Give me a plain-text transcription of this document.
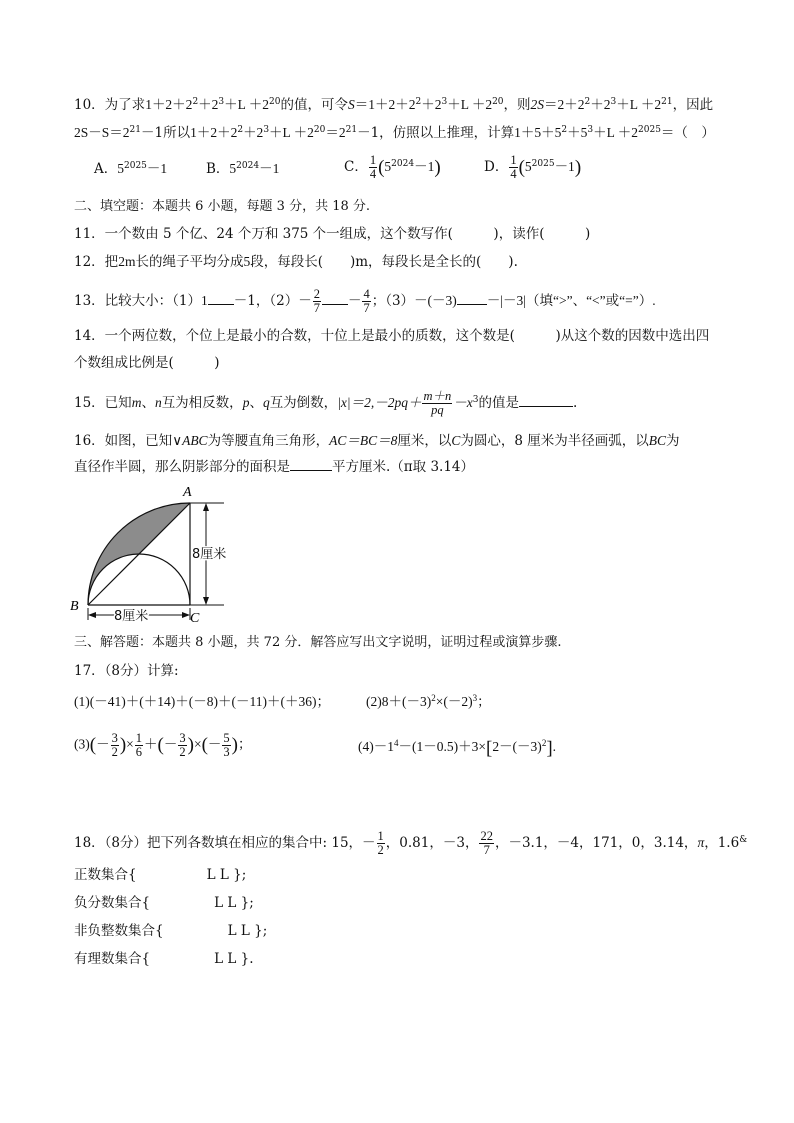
10．为了求$1+2+2^2+2^3+L +2^{20}$的值，可令$S=1+2+2^2+2^3+L +2^{20}$，则$2S=2+2^2+2^3+L +2^{21}$，因此
$2S-S=2^{21}-1$所以$1+2+2^2+2^3+L +2^{20}=2^{21}-1$，仿照以上推理，计算$1+5+5^2+5^3+L +2^{2025}=$（　）
A．$5^{2025}-1$	B．$5^{2024}-1$	C． $\frac{1}{4} (5^{2024}-1)$	D． $\frac{1}{4} (5^{2025}-1)$
二、填空题：本题共 6 小题，每题 3 分，共 18 分.
11．一个数由 5 个亿、24 个万和 375 个一组成，这个数写作(　　　)，读作(　　　)
12．把2m长的绳子平均分成5段，每段长(　　)m，每段长是全长的(　　).
13．比较大小：（1）1 －1，$(2)- \frac{2}{7} - \frac{4}{7}$ ；（3）－(－3) －|－3|（填“>”、“<”或“=”）.
14．一个两位数，个位上是最小的合数，十位上是最小的质数，这个数是(　　　)从这个数的因数中选出四
个数组成比例是(　　　)
15．已知m、n互为相反数，p、q互为倒数，$|x|=2,-2pq+ \frac{m+n}{pq} -x^3$的值是	.
16．如图，已知∨ABC为等腰直角三角形，AC＝BC＝8厘米，以C为圆心，8 厘米为半径画弧，以BC为
直径作半圆，那么阴影部分的面积是	平方厘米.（π取 3.14）
A
B
C
8厘米
8厘米
三、解答题：本题共 8 小题，共 72 分．解答应写出文字说明，证明过程或演算步骤.
17．（8分）计算:
(1)(－41)＋(＋14)＋(－8)＋(－11)＋(＋36)；	$(2)8+(-3)^2\times(-2)^3$；
$(3)(- \frac{3}{2}$ )× $\frac{1}{6}$ ＋(－ $\frac{3}{2}$ )×(－ $\frac{5}{3}$ )；	$(4)-1^4-(1-0.5)+3\times[2-(-3)^2]$.
18．（8分）把下列各数填在相应的集合中: 15，－ $\frac{1}{2}$ ，0.81，－3， $\frac{22}{7}$ ，－3.1，－4，171，0，3.14，π，1.6&
正数集合{	L L };
负分数集合{	L L };
非负整数集合{	L L };
有理数集合{	L L }.
